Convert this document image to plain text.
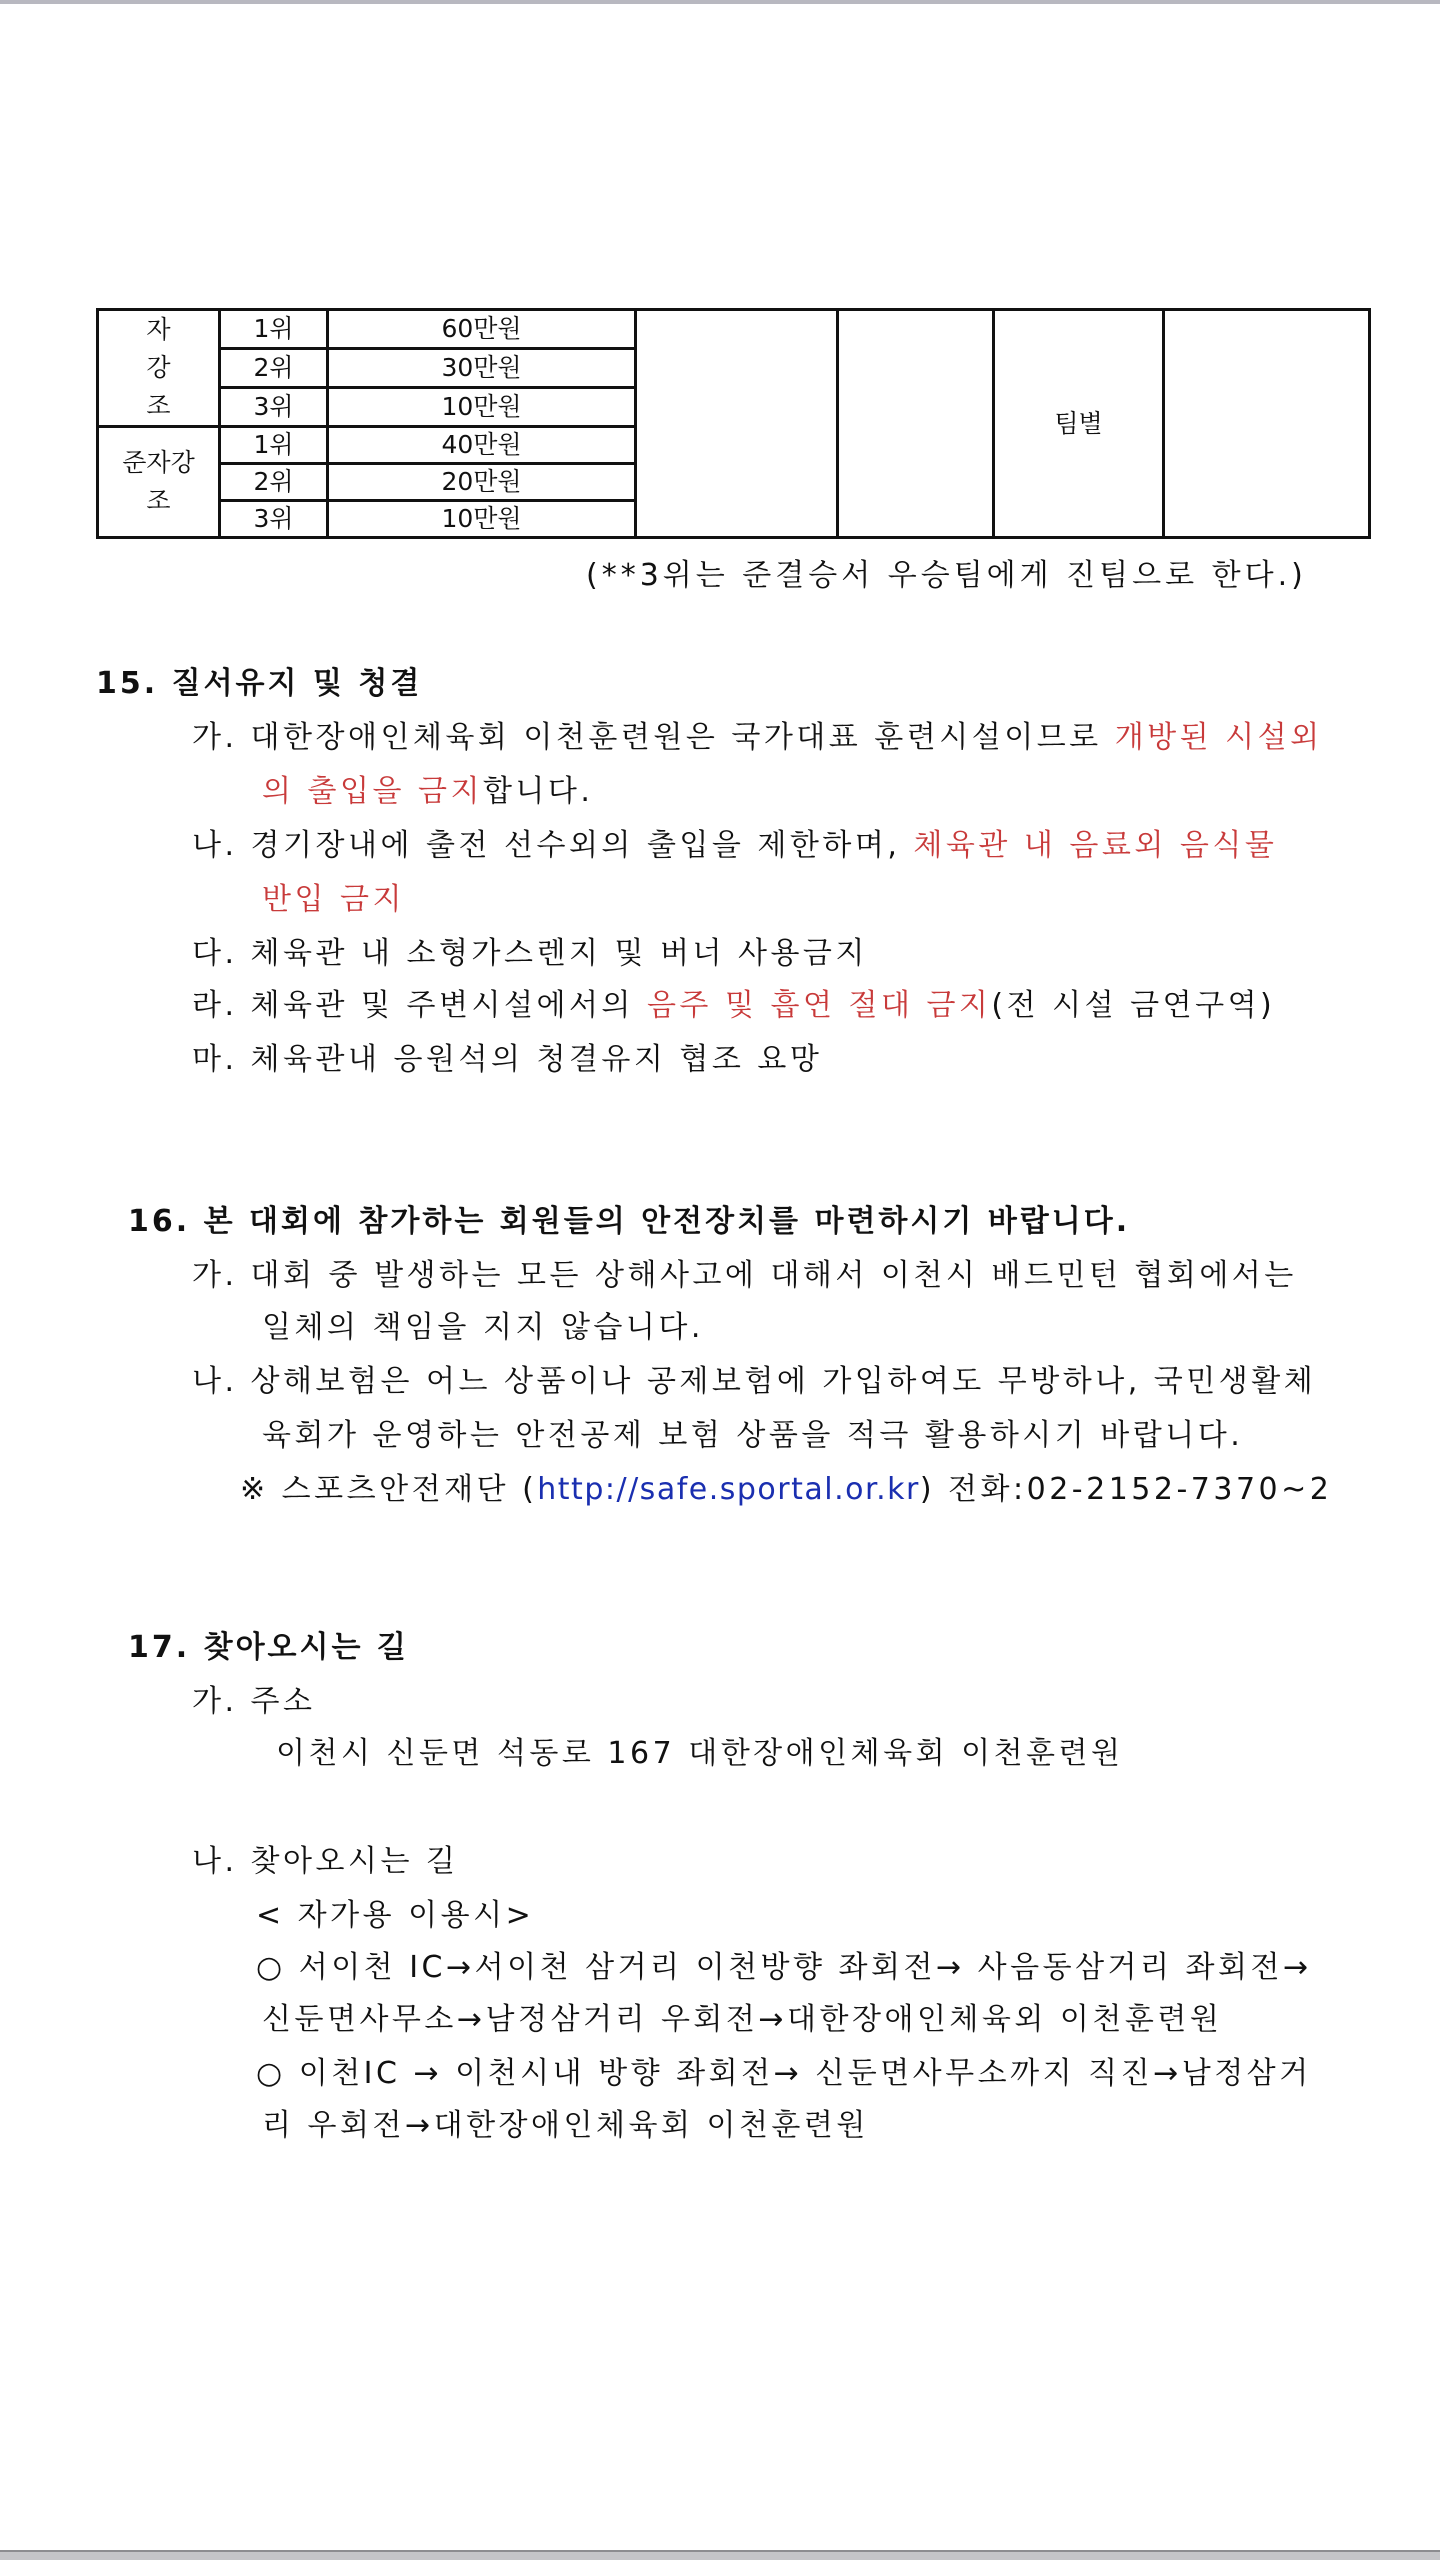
자
강
조	1위	60만원			팀별	
	2위	30만원				
	3위	10만원				
준자강
조	1위	40만원				
	2위	20만원				
	3위	10만원				
(**3위는 준결승서 우승팀에게 진팀으로 한다.)
15. 질서유지 및 청결
가. 대한장애인체육회 이천훈련원은 국가대표 훈련시설이므로 개방된 시설외
의 출입을 금지합니다.
나. 경기장내에 출전 선수외의 출입을 제한하며, 체육관 내 음료외 음식물
반입 금지
다. 체육관 내 소형가스렌지 및 버너 사용금지
라. 체육관 및 주변시설에서의 음주 및 흡연 절대 금지(전 시설 금연구역)
마. 체육관내 응원석의 청결유지 협조 요망
16. 본 대회에 참가하는 회원들의 안전장치를 마련하시기 바랍니다.
가. 대회 중 발생하는 모든 상해사고에 대해서 이천시 배드민턴 협회에서는
일체의 책임을 지지 않습니다.
나. 상해보험은 어느 상품이나 공제보험에 가입하여도 무방하나, 국민생활체
육회가 운영하는 안전공제 보험 상품을 적극 활용하시기 바랍니다.
※ 스포츠안전재단 (http://safe.sportal.or.kr) 전화:02-2152-7370~2
17. 찾아오시는 길
가. 주소
이천시 신둔면 석동로 167 대한장애인체육회 이천훈련원
나. 찾아오시는 길
< 자가용 이용시>
○ 서이천 IC→서이천 삼거리 이천방향 좌회전→ 사음동삼거리 좌회전→
신둔면사무소→남정삼거리 우회전→대한장애인체육외 이천훈련원
○ 이천IC → 이천시내 방향 좌회전→ 신둔면사무소까지 직진→남정삼거
리 우회전→대한장애인체육회 이천훈련원
